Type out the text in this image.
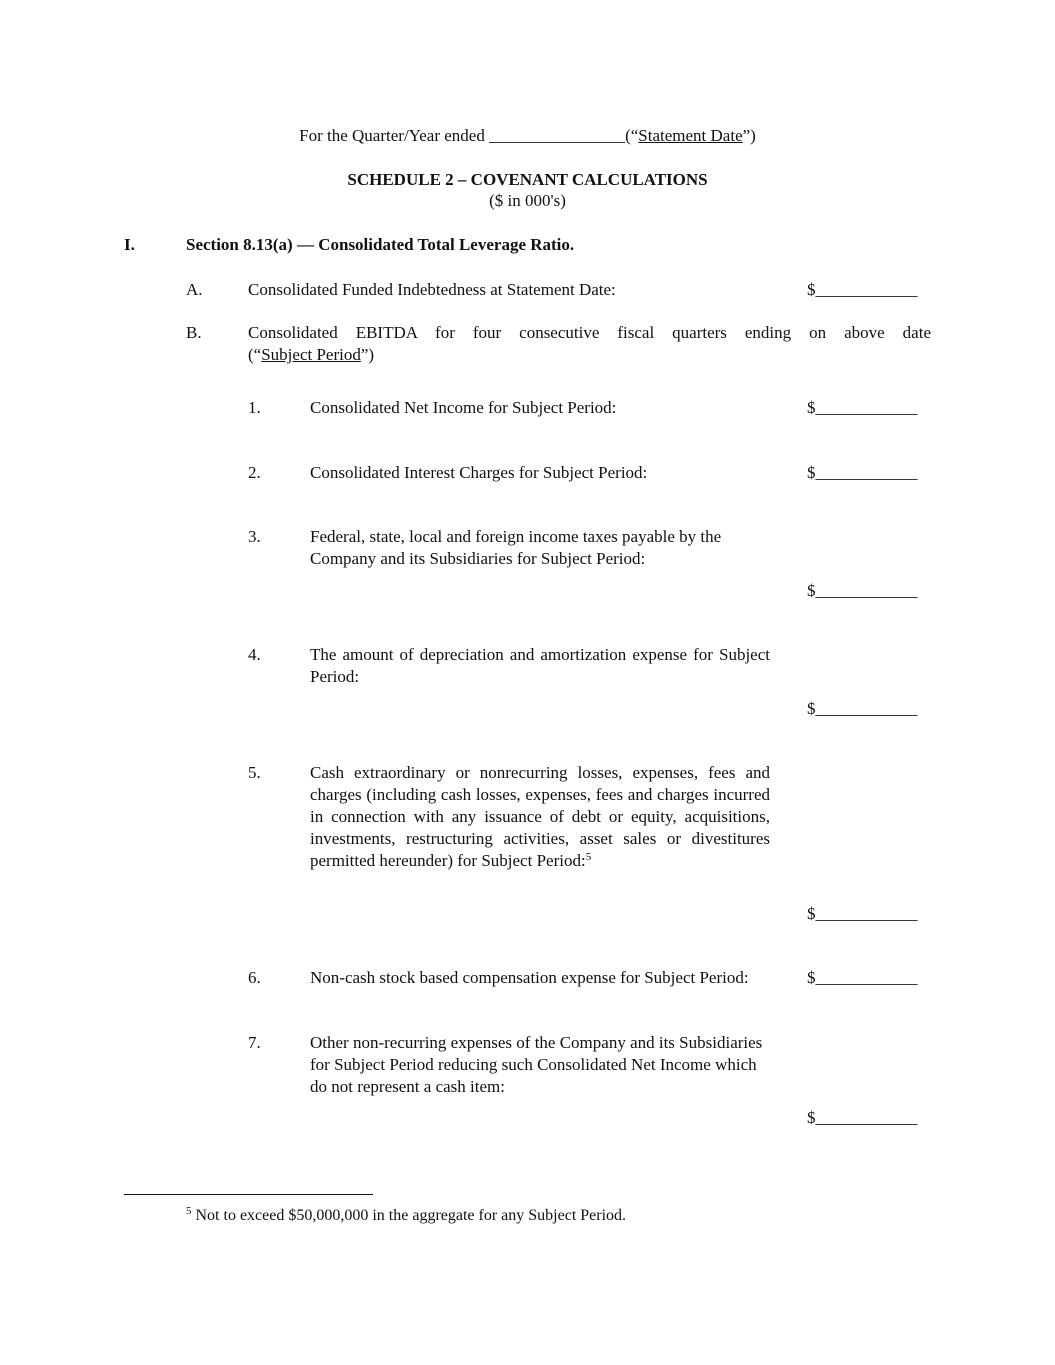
For the Quarter/Year ended ________________(“Statement Date”)
SCHEDULE 2 – COVENANT CALCULATIONS
($ in 000's)
I.	Section 8.13(a) — Consolidated Total Leverage Ratio.
A.	Consolidated Funded Indebtedness at Statement Date:	$____________
B.	Consolidated EBITDA for four consecutive fiscal quarters ending on above date
(“Subject Period”)
1.	Consolidated Net Income for Subject Period:	$____________
2.	Consolidated Interest Charges for Subject Period:	$____________
3.	Federal, state, local and foreign income taxes payable by the Company and its Subsidiaries for Subject Period:
$____________
4.	The amount of depreciation and amortization expense for Subject Period:
$____________
5.	Cash extraordinary or nonrecurring losses, expenses, fees and charges (including cash losses, expenses, fees and charges incurred in connection with any issuance of debt or equity, acquisitions, investments, restructuring activities, asset sales or divestitures permitted hereunder) for Subject Period:$^5$
$____________
6.	Non-cash stock based compensation expense for Subject Period:	$____________
7.	Other non-recurring expenses of the Company and its Subsidiaries for Subject Period reducing such Consolidated Net Income which do not represent a cash item:
$____________
$^5$ Not to exceed $50,000,000 in the aggregate for any Subject Period.
